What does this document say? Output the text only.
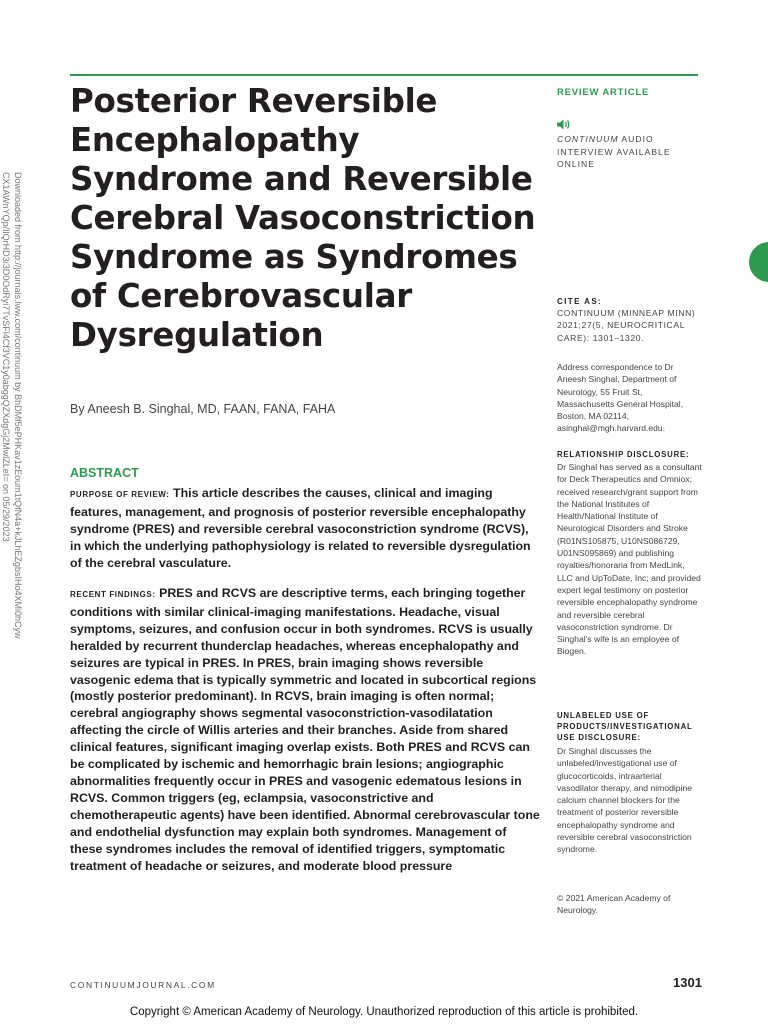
Downloaded from http://journals.lww.com/continuum by BhDMf5ePHKav1zEoum1tQfN4a+kJLhEZgbsIHo4XMi0hCyw
CX1AWnYQp/IlQrHD3i3D0OdRyi7TvSFl4Cf3VC1y0abggQZXdgGj2MwlZLeI= on 05/29/2023
Posterior Reversible Encephalopathy Syndrome and Reversible Cerebral Vasoconstriction Syndrome as Syndromes of Cerebrovascular Dysregulation
By Aneesh B. Singhal, MD, FAAN, FANA, FAHA
ABSTRACT

PURPOSE OF REVIEW: This article describes the causes, clinical and imaging features, management, and prognosis of posterior reversible encephalopathy syndrome (PRES) and reversible cerebral vasoconstriction syndrome (RCVS), in which the underlying pathophysiology is related to reversible dysregulation of the cerebral vasculature.

RECENT FINDINGS: PRES and RCVS are descriptive terms, each bringing together conditions with similar clinical-imaging manifestations. Headache, visual symptoms, seizures, and confusion occur in both syndromes. RCVS is usually heralded by recurrent thunderclap headaches, whereas encephalopathy and seizures are typical in PRES. In PRES, brain imaging shows reversible vasogenic edema that is typically symmetric and located in subcortical regions (mostly posterior predominant). In RCVS, brain imaging is often normal; cerebral angiography shows segmental vasoconstriction-vasodilatation affecting the circle of Willis arteries and their branches. Aside from shared clinical features, significant imaging overlap exists. Both PRES and RCVS can be complicated by ischemic and hemorrhagic brain lesions; angiographic abnormalities frequently occur in PRES and vasogenic edematous lesions in RCVS. Common triggers (eg, eclampsia, vasoconstrictive and chemotherapeutic agents) have been identified. Abnormal cerebrovascular tone and endothelial dysfunction may explain both syndromes. Management of these syndromes includes the removal of identified triggers, symptomatic treatment of headache or seizures, and moderate blood pressure

REVIEW ARTICLE
CONTINUUM AUDIO INTERVIEW AVAILABLE ONLINE
CITE AS:
CONTINUUM (MINNEAP MINN) 2021;27(5, NEUROCRITICAL CARE): 1301–1320.
Address correspondence to Dr Aneesh Singhal, Department of Neurology, 55 Fruit St, Massachusetts General Hospital, Boston, MA 02114, asinghal@mgh.harvard.edu.
RELATIONSHIP DISCLOSURE:
Dr Singhal has served as a consultant for Deck Therapeutics and Omniox; received research/grant support from the National Institutes of Health/National Institute of Neurological Disorders and Stroke (R01NS105875, U10NS086729, U01NS095869) and publishing royalties/honoraria from MedLink, LLC and UpToDate, Inc; and provided expert legal testimony on posterior reversible encephalopathy syndrome and reversible cerebral vasoconstriction syndrome. Dr Singhal's wife is an employee of Biogen.
UNLABELED USE OF PRODUCTS/INVESTIGATIONAL USE DISCLOSURE:
Dr Singhal discusses the unlabeled/investigational use of glucocorticoids, intraarterial vasodilator therapy, and nimodipine calcium channel blockers for the treatment of posterior reversible encephalopathy syndrome and reversible cerebral vasoconstriction syndrome.
© 2021 American Academy of Neurology.
CONTINUUMJOURNAL.COM	1301
Copyright © American Academy of Neurology. Unauthorized reproduction of this article is prohibited.
